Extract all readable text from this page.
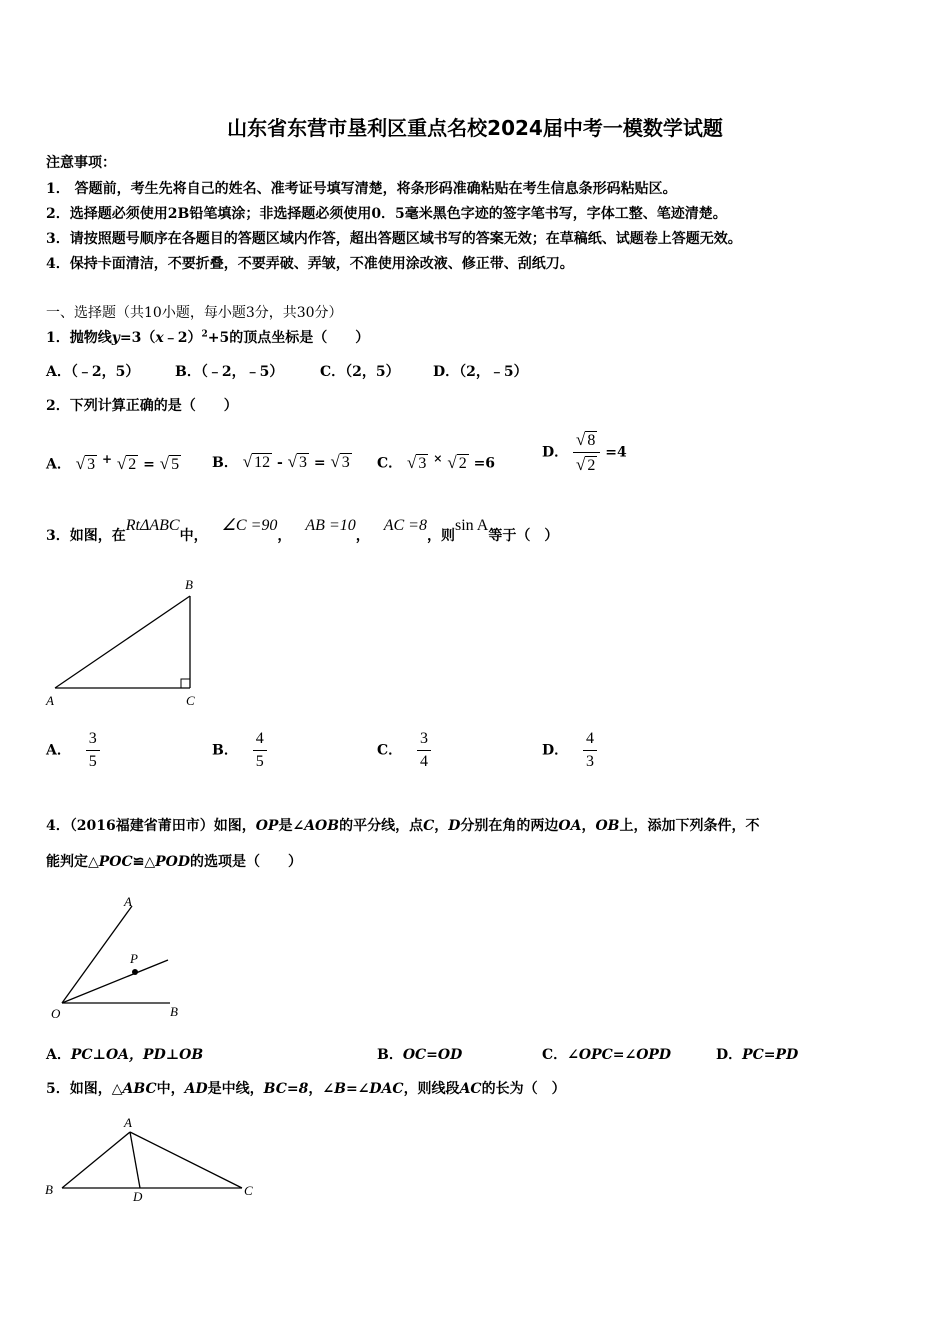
山东省东营市垦利区重点名校2024届中考一模数学试题
注意事项：
1． 答题前，考生先将自己的姓名、准考证号填写清楚，将条形码准确粘贴在考生信息条形码粘贴区。
2．选择题必须使用2B铅笔填涂；非选择题必须使用0．5毫米黑色字迹的签字笔书写，字体工整、笔迹清楚。
3．请按照题号顺序在各题目的答题区域内作答，超出答题区域书写的答案无效；在草稿纸、试题卷上答题无效。
4．保持卡面清洁，不要折叠，不要弄破、弄皱，不准使用涂改液、修正带、刮纸刀。
一、选择题（共10小题，每小题3分，共30分）
1．抛物线y=3（x﹣2）$^2$+5的顶点坐标是（　　）
A．（﹣2，5）	B．（﹣2，﹣5）	C．（2，5） D．（2，﹣5）
2．下列计算正确的是（　　）
A． √ 3 + √ 2 = √ 5 B． √ 12 - √ 3 = √ 3 C． √ 3 × √ 2 =6
D． $\frac{√ 8}{√ 2} =4$
3．如图，在RtΔABC中，∠C =90，AB =10，AC =8，则sin A等于（　）
B
A	C
A． $\frac{3}{5}$	B． $\frac{4}{5}$	C． $\frac{3}{4}$	D． $\frac{4}{3}$
4．（2016福建省莆田市）如图，OP是∠AOB的平分线，点C，D分别在角的两边OA，OB上，添加下列条件，不
能判定△POC≌△POD的选项是（　　）
A
P
O	B
A．PC⊥OA，PD⊥OB	B．OC=OD	C．∠OPC=∠OPD	D．PC=PD
5．如图，△ABC中，AD是中线，BC=8，∠B=∠DAC，则线段AC的长为（　）
A
B	D	C
